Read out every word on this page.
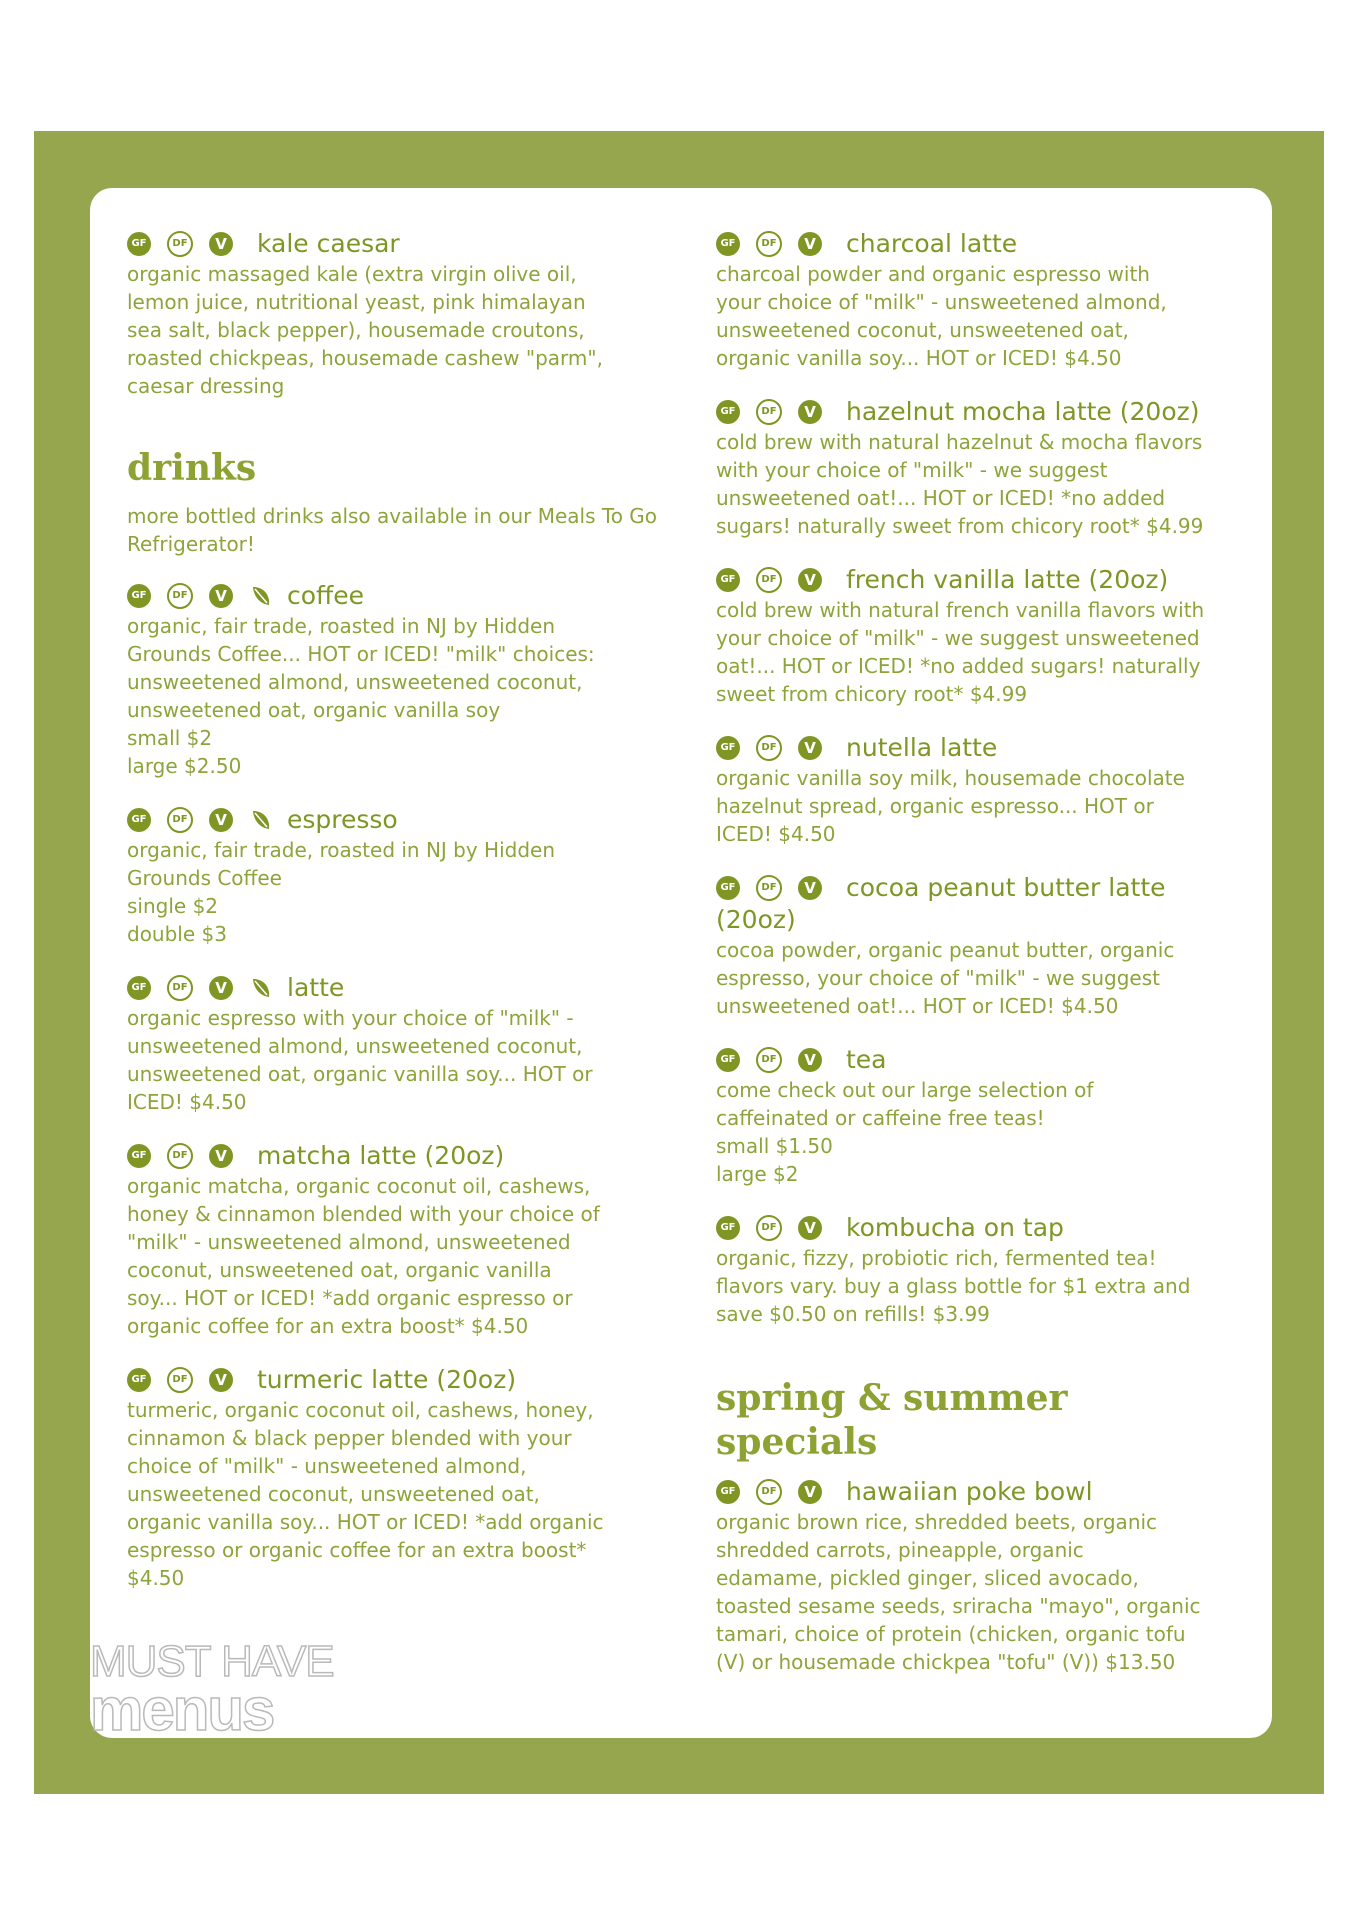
GF	DF	V kale caesar

organic massaged kale (extra virgin olive oil,
lemon juice, nutritional yeast, pink himalayan
sea salt, black pepper), housemade croutons,
roasted chickpeas, housemade cashew "parm",
caesar dressing

drinks

more bottled drinks also available in our Meals To Go Refrigerator!

GF	DF	V coffee

organic, fair trade, roasted in NJ by Hidden
Grounds Coffee... HOT or ICED! "milk" choices:
unsweetened almond, unsweetened coconut,
unsweetened oat, organic vanilla soy
small $2
large $2.50

GF	DF	V espresso

organic, fair trade, roasted in NJ by Hidden
Grounds Coffee
single $2
double $3

GF	DF	V latte

organic espresso with your choice of "milk" -
unsweetened almond, unsweetened coconut,
unsweetened oat, organic vanilla soy... HOT or
ICED! $4.50

GF	DF	V matcha latte (20oz)

organic matcha, organic coconut oil, cashews,
honey & cinnamon blended with your choice of
"milk" - unsweetened almond, unsweetened
coconut, unsweetened oat, organic vanilla
soy... HOT or ICED! *add organic espresso or
organic coffee for an extra boost* $4.50

GF	DF	V turmeric latte (20oz)

turmeric, organic coconut oil, cashews, honey,
cinnamon & black pepper blended with your
choice of "milk" - unsweetened almond,
unsweetened coconut, unsweetened oat,
organic vanilla soy... HOT or ICED! *add organic
espresso or organic coffee for an extra boost*
$4.50

GF	DF	V charcoal latte

charcoal powder and organic espresso with
your choice of "milk" - unsweetened almond,
unsweetened coconut, unsweetened oat,
organic vanilla soy... HOT or ICED! $4.50

GF	DF	V hazelnut mocha latte (20oz)

cold brew with natural hazelnut & mocha flavors
with your choice of "milk" - we suggest
unsweetened oat!... HOT or ICED! *no added
sugars! naturally sweet from chicory root* $4.99

GF	DF	V french vanilla latte (20oz)

cold brew with natural french vanilla flavors with
your choice of "milk" - we suggest unsweetened
oat!... HOT or ICED! *no added sugars! naturally
sweet from chicory root* $4.99

GF	DF	V nutella latte

organic vanilla soy milk, housemade chocolate
hazelnut spread, organic espresso... HOT or
ICED! $4.50

GF	DF	V cocoa peanut butter latte
(20oz)

cocoa powder, organic peanut butter, organic
espresso, your choice of "milk" - we suggest
unsweetened oat!... HOT or ICED! $4.50

GF	DF	V tea

come check out our large selection of
caffeinated or caffeine free teas!
small $1.50
large $2

GF	DF	V kombucha on tap

organic, fizzy, probiotic rich, fermented tea!
flavors vary. buy a glass bottle for $1 extra and
save $0.50 on refills! $3.99

spring & summer
specials
GF	DF	V hawaiian poke bowl

organic brown rice, shredded beets, organic
shredded carrots, pineapple, organic
edamame, pickled ginger, sliced avocado,
toasted sesame seeds, sriracha "mayo", organic
tamari, choice of protein (chicken, organic tofu
(V) or housemade chickpea "tofu" (V)) $13.50

MUST HAVE
menus
